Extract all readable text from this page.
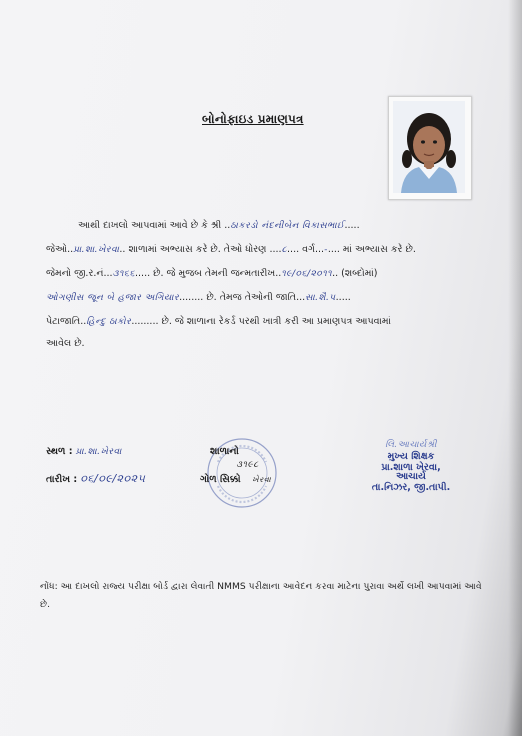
બોનોફાઇડ પ્રમાણપત્ર
આથી દાખલો આપવામાં આવે છે કે શ્રી ..ઠાકરડો નંદનીબેન વિકાસભાઈ.....
જેઓ..પ્રા.શા.ખેરવા.. શાળામાં અભ્યાસ કરે છે. તેઓ ધોરણ ....૮.... વર્ગ...-.... માં અભ્યાસ કરે છે.
જેમનો જી.ર.નં...૩૧૬૬..... છે. જે મુજબ તેમની જન્મતારીખ..૧૯/૦૬/૨૦૧૧.. (શબ્દોમાં)
ઓગણીસ જૂન બે હજાર અગિયાર........ છે. તેમજ તેઓની જાતિ...સા.શૈ.પ.....
પેટાજાતિ..હિન્દુ ઠાકોર......... છે. જે શાળાના રેકર્ડ પરથી ખાત્રી કરી આ પ્રમાણપત્ર આપવામાં
આવેલ છે.
સ્થળ : પ્રા.શા.ખેરવા
તારીખ : ૦૬/૦૯/૨૦૨૫
શાળાનો
૩૧૯૮
ગોળ સિક્કો ખેરવા
લિ.આચાર્યશ્રી
મુખ્ય શિક્ષક
પ્રા.શાળા ખેરવા,
આચાર્ય
તા.નિઝર, જી.તાપી.
નોંધ: આ દાખલો રાજ્ય પરીક્ષા બોર્ડ દ્વારા લેવાતી NMMS પરીક્ષાના આવેદન કરવા માટેના પુરાવા અર્થે લખી આપવામાં આવે છે.
